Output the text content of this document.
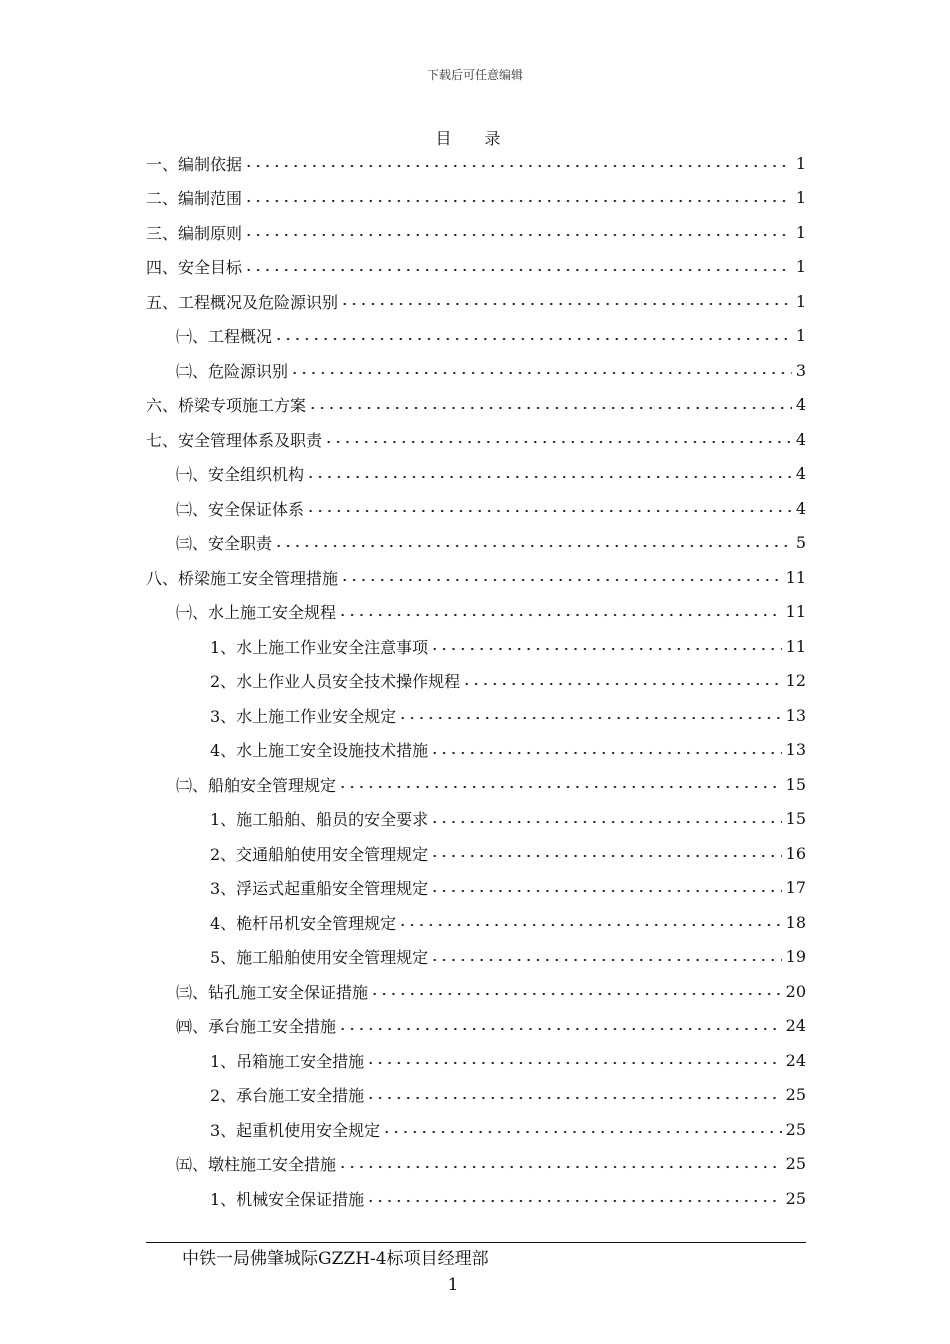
下载后可任意编辑
目 录
一、编制依据	1
二、编制范围	1
三、编制原则	1
四、安全目标	1
五、工程概况及危险源识别	1
㈠、工程概况	1
㈡、危险源识别	3
六、桥梁专项施工方案	4
七、安全管理体系及职责	4
㈠、安全组织机构	4
㈡、安全保证体系	4
㈢、安全职责	5
八、桥梁施工安全管理措施	11
㈠、水上施工安全规程	11
1、水上施工作业安全注意事项	11
2、水上作业人员安全技术操作规程	12
3、水上施工作业安全规定	13
4、水上施工安全设施技术措施	13
㈡、船舶安全管理规定	15
1、施工船舶、船员的安全要求	15
2、交通船舶使用安全管理规定	16
3、浮运式起重船安全管理规定	17
4、桅杆吊机安全管理规定	18
5、施工船舶使用安全管理规定	19
㈢、钻孔施工安全保证措施	20
㈣、承台施工安全措施	24
1、吊箱施工安全措施	24
2、承台施工安全措施	25
3、起重机使用安全规定	25
㈤、墩柱施工安全措施	25
1、机械安全保证措施	25
中铁一局佛肇城际GZZH-4标项目经理部
1
